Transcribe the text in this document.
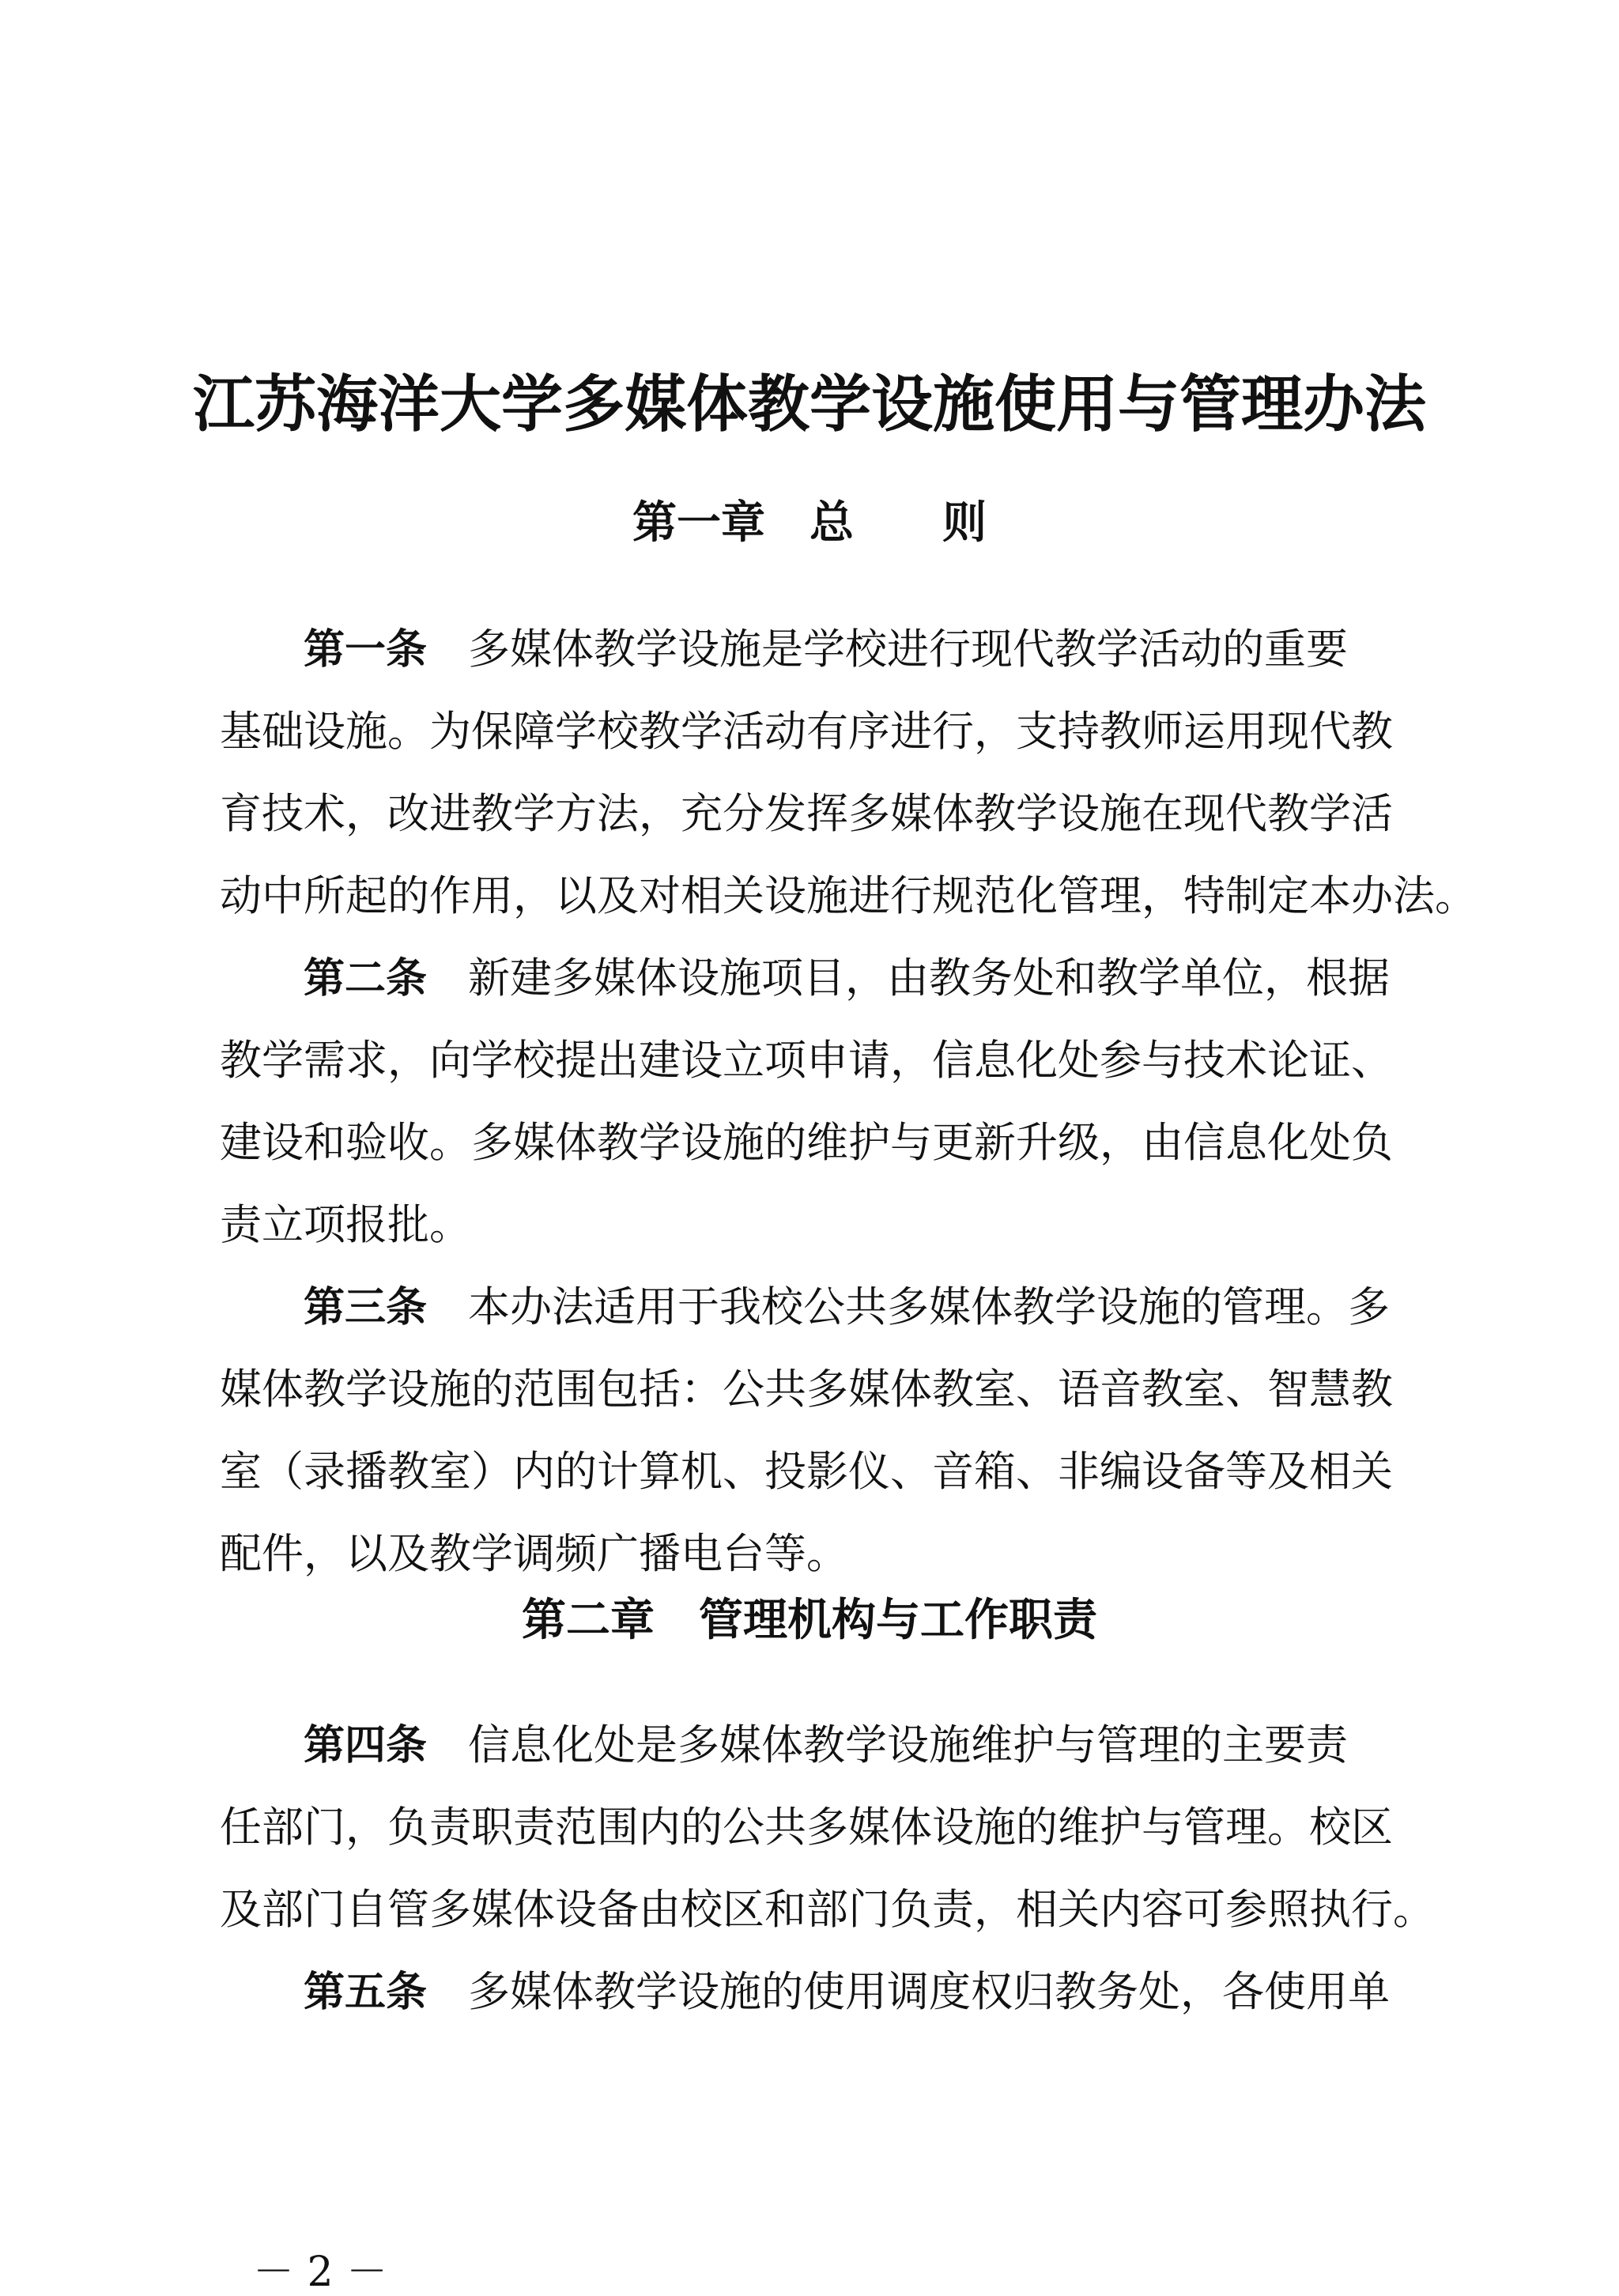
江苏海洋大学多媒体教学设施使用与管理办法
第一章　总　　则

第一条 多媒体教学设施是学校进行现代教学活动的重要

基础设施。为保障学校教学活动有序进行，支持教师运用现代教

育技术，改进教学方法，充分发挥多媒体教学设施在现代教学活

动中所起的作用，以及对相关设施进行规范化管理，特制定本办法。

第二条 新建多媒体设施项目，由教务处和教学单位，根据

教学需求，向学校提出建设立项申请，信息化处参与技术论证、

建设和验收。多媒体教学设施的维护与更新升级，由信息化处负

责立项报批。

第三条 本办法适用于我校公共多媒体教学设施的管理。多

媒体教学设施的范围包括：公共多媒体教室、语音教室、智慧教

室（录播教室）内的计算机、投影仪、音箱、非编设备等及相关

配件，以及教学调频广播电台等。

第二章　管理机构与工作职责

第四条 信息化处是多媒体教学设施维护与管理的主要责

任部门，负责职责范围内的公共多媒体设施的维护与管理。校区

及部门自管多媒体设备由校区和部门负责，相关内容可参照执行。

第五条 多媒体教学设施的使用调度权归教务处，各使用单

－ 2 －
